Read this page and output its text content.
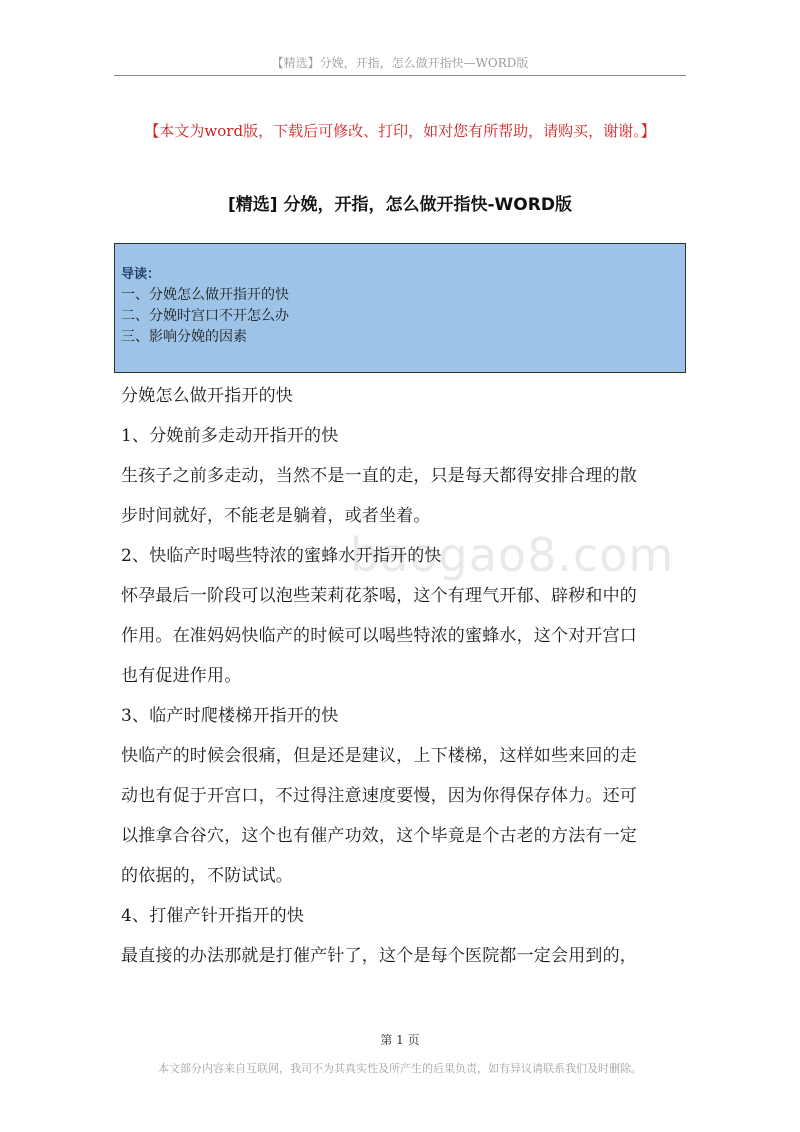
【精选】分娩，开指，怎么做开指快—WORD版
【本文为word版，下载后可修改、打印，如对您有所帮助，请购买，谢谢。】
[精选] 分娩，开指，怎么做开指快-WORD版
导读：
一、分娩怎么做开指开的快
二、分娩时宫口不开怎么办
三、影响分娩的因素
baogao8.com

分娩怎么做开指开的快

1、分娩前多走动开指开的快

生孩子之前多走动，当然不是一直的走，只是每天都得安排合理的散

步时间就好，不能老是躺着，或者坐着。

2、快临产时喝些特浓的蜜蜂水开指开的快

怀孕最后一阶段可以泡些茉莉花茶喝，这个有理气开郁、辟秽和中的

作用。在准妈妈快临产的时候可以喝些特浓的蜜蜂水，这个对开宫口

也有促进作用。

3、临产时爬楼梯开指开的快

快临产的时候会很痛，但是还是建议，上下楼梯，这样如些来回的走

动也有促于开宫口，不过得注意速度要慢，因为你得保存体力。还可

以推拿合谷穴，这个也有催产功效，这个毕竟是个古老的方法有一定

的依据的，不防试试。

4、打催产针开指开的快

最直接的办法那就是打催产针了，这个是每个医院都一定会用到的，

第 1 页
本文部分内容来自互联网，我司不为其真实性及所产生的后果负责，如有异议请联系我们及时删除。
